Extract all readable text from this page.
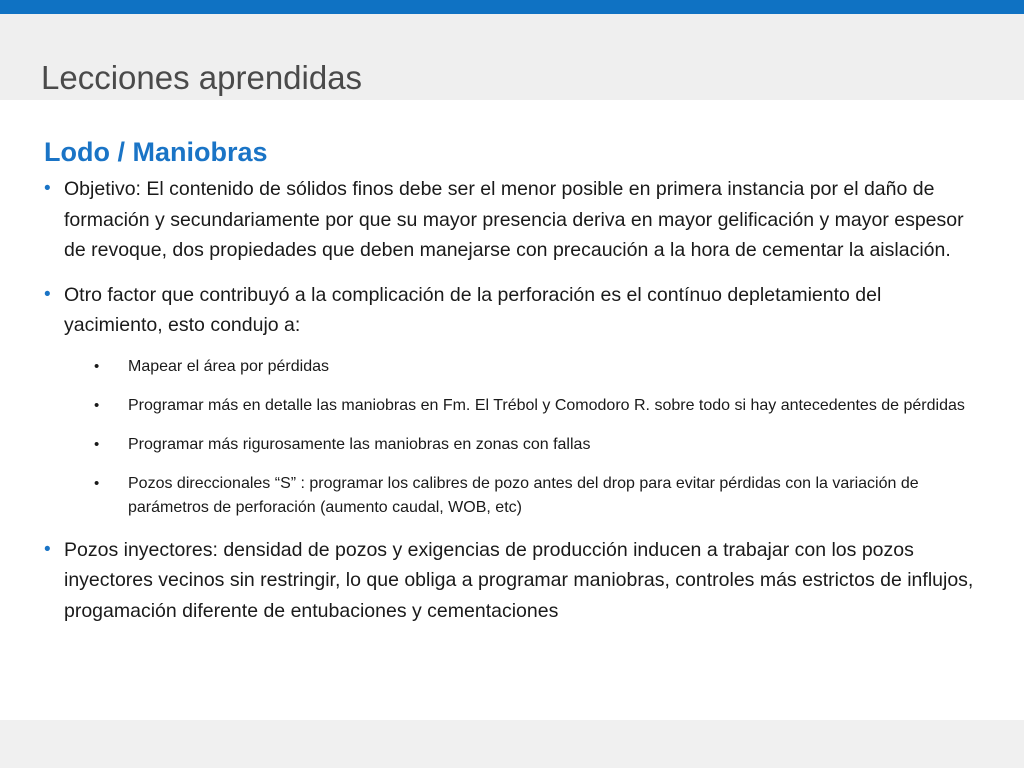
Lecciones aprendidas
Lodo / Maniobras
• Objetivo: El contenido de sólidos finos debe ser el menor posible en primera instancia por el daño de formación y secundariamente por que su mayor presencia deriva en mayor gelificación y mayor espesor de revoque, dos propiedades que deben manejarse con precaución a la hora de cementar la aislación.
• Otro factor que contribuyó a la complicación de la perforación es el contínuo depletamiento del yacimiento, esto condujo a:
• Mapear el área por pérdidas
• Programar más en detalle las maniobras en Fm. El Trébol y Comodoro R. sobre todo si hay antecedentes de pérdidas
• Programar más rigurosamente las maniobras en zonas con fallas
• Pozos direccionales “S” : programar los calibres de pozo antes del drop para evitar pérdidas con la variación de parámetros de perforación (aumento caudal, WOB, etc)
• Pozos inyectores: densidad de pozos y exigencias de producción inducen a trabajar con los pozos inyectores vecinos sin restringir, lo que obliga a programar maniobras, controles más estrictos de influjos, progamación diferente de entubaciones y cementaciones
